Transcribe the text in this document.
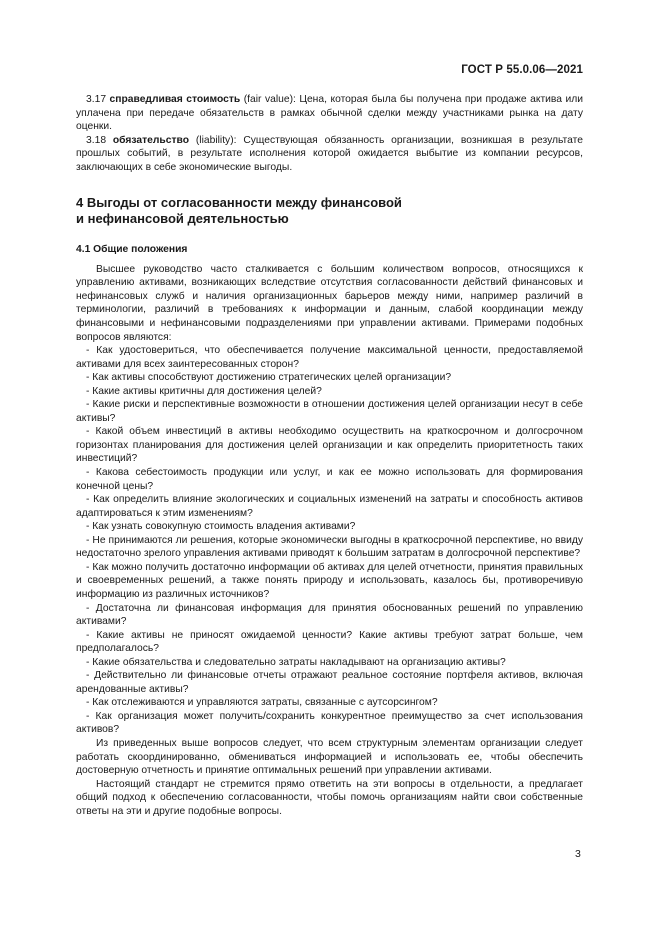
ГОСТ Р 55.0.06—2021

3.17 справедливая стоимость (fair value): Цена, которая была бы получена при продаже актива или уплачена при передаче обязательств в рамках обычной сделки между участниками рынка на дату оценки.

3.18 обязательство (liability): Существующая обязанность организации, возникшая в результате прошлых событий, в результате исполнения которой ожидается выбытие из компании ресурсов, заключающих в себе экономические выгоды.

4 Выгоды от согласованности между финансовой
и нефинансовой деятельностью
4.1 Общие положения

Высшее руководство часто сталкивается с большим количеством вопросов, относящихся к управлению активами, возникающих вследствие отсутствия согласованности действий финансовых и нефинансовых служб и наличия организационных барьеров между ними, например различий в терминологии, различий в требованиях к информации и данным, слабой координации между финансовыми и нефинансовыми подразделениями при управлении активами. Примерами подобных вопросов являются:

- Как удостовериться, что обеспечивается получение максимальной ценности, предоставляемой активами для всех заинтересованных сторон?

- Как активы способствуют достижению стратегических целей организации?

- Какие активы критичны для достижения целей?

- Какие риски и перспективные возможности в отношении достижения целей организации несут в себе активы?

- Какой объем инвестиций в активы необходимо осуществить на краткосрочном и долгосрочном горизонтах планирования для достижения целей организации и как определить приоритетность таких инвестиций?

- Какова себестоимость продукции или услуг, и как ее можно использовать для формирования конечной цены?

- Как определить влияние экологических и социальных изменений на затраты и способность активов адаптироваться к этим изменениям?

- Как узнать совокупную стоимость владения активами?

- Не принимаются ли решения, которые экономически выгодны в краткосрочной перспективе, но ввиду недостаточно зрелого управления активами приводят к большим затратам в долгосрочной перспективе?

- Как можно получить достаточно информации об активах для целей отчетности, принятия правильных и своевременных решений, а также понять природу и использовать, казалось бы, противоречивую информацию из различных источников?

- Достаточна ли финансовая информация для принятия обоснованных решений по управлению активами?

- Какие активы не приносят ожидаемой ценности? Какие активы требуют затрат больше, чем предполагалось?

- Какие обязательства и следовательно затраты накладывают на организацию активы?

- Действительно ли финансовые отчеты отражают реальное состояние портфеля активов, включая арендованные активы?

- Как отслеживаются и управляются затраты, связанные с аутсорсингом?

- Как организация может получить/сохранить конкурентное преимущество за счет использования активов?

Из приведенных выше вопросов следует, что всем структурным элементам организации следует работать скоординированно, обмениваться информацией и использовать ее, чтобы обеспечить достоверную отчетность и принятие оптимальных решений при управлении активами.

Настоящий стандарт не стремится прямо ответить на эти вопросы в отдельности, а предлагает общий подход к обеспечению согласованности, чтобы помочь организациям найти свои собственные ответы на эти и другие подобные вопросы.

3
